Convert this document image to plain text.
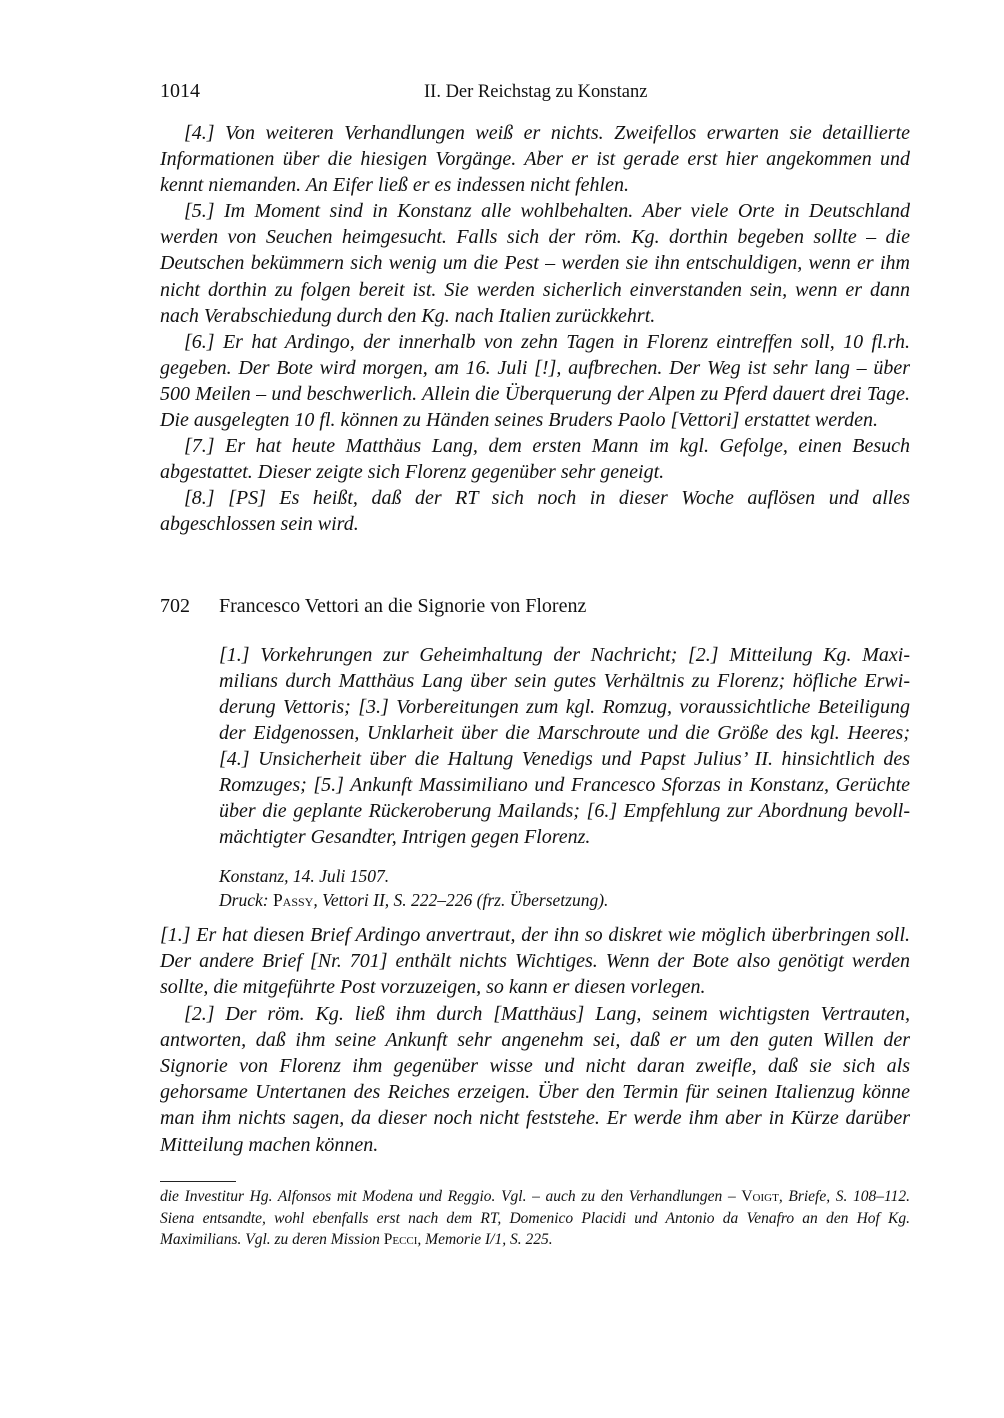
1014	II. Der Reichstag zu Konstanz

[4.] Von weiteren Verhandlungen weiß er nichts. Zweifellos erwarten sie detaillierte Informationen über die hiesigen Vorgänge. Aber er ist gerade erst hier angekommen und kennt niemanden. An Eifer ließ er es indessen nicht fehlen.

[5.] Im Moment sind in Konstanz alle wohlbehalten. Aber viele Orte in Deutschland werden von Seuchen heimgesucht. Falls sich der röm. Kg. dorthin begeben sollte – die Deutschen bekümmern sich wenig um die Pest – werden sie ihn entschuldigen, wenn er ihm nicht dorthin zu folgen bereit ist. Sie werden sicherlich einverstanden sein, wenn er dann nach Verabschiedung durch den Kg. nach Italien zurückkehrt.

[6.] Er hat Ardingo, der innerhalb von zehn Tagen in Florenz eintreffen soll, 10 fl.rh. gegeben. Der Bote wird morgen, am 16. Juli [!], aufbrechen. Der Weg ist sehr lang – über 500 Meilen – und beschwerlich. Allein die Überquerung der Alpen zu Pferd dauert drei Tage. Die ausgelegten 10 fl. können zu Händen seines Bruders Paolo [Vettori] erstattet werden.

[7.] Er hat heute Matthäus Lang, dem ersten Mann im kgl. Gefolge, einen Besuch abgestattet. Dieser zeigte sich Florenz gegenüber sehr geneigt.

[8.] [PS] Es heißt, daß der RT sich noch in dieser Woche auflösen und alles abgeschlossen sein wird.

702 Francesco Vettori an die Signorie von Florenz

[1.] Vorkehrungen zur Geheimhaltung der Nachricht; [2.] Mitteilung Kg. Maximilians durch Matthäus Lang über sein gutes Verhältnis zu Florenz; höfliche Erwiderung Vettoris; [3.] Vorbereitungen zum kgl. Romzug, voraussichtliche Beteiligung der Eidgenossen, Unklarheit über die Marschroute und die Größe des kgl. Heeres; [4.] Unsicherheit über die Haltung Venedigs und Papst Julius’ II. hinsichtlich des Romzuges; [5.] Ankunft Massimiliano und Francesco Sforzas in Konstanz, Gerüchte über die geplante Rückeroberung Mailands; [6.] Empfehlung zur Abordnung bevollmächtigter Gesandter, Intrigen gegen Florenz.

Konstanz, 14. Juli 1507.
Druck: Passy, Vettori II, S. 222–226 (frz. Übersetzung).

[1.] Er hat diesen Brief Ardingo anvertraut, der ihn so diskret wie möglich überbringen soll. Der andere Brief [Nr. 701] enthält nichts Wichtiges. Wenn der Bote also genötigt werden sollte, die mitgeführte Post vorzuzeigen, so kann er diesen vorlegen.

[2.] Der röm. Kg. ließ ihm durch [Matthäus] Lang, seinem wichtigsten Vertrauten, antworten, daß ihm seine Ankunft sehr angenehm sei, daß er um den guten Willen der Signorie von Florenz ihm gegenüber wisse und nicht daran zweifle, daß sie sich als gehorsame Untertanen des Reiches erzeigen. Über den Termin für seinen Italienzug könne man ihm nichts sagen, da dieser noch nicht feststehe. Er werde ihm aber in Kürze darüber Mitteilung machen können.

die Investitur Hg. Alfonsos mit Modena und Reggio. Vgl. – auch zu den Verhandlungen – Voigt, Briefe, S. 108–112. Siena entsandte, wohl ebenfalls erst nach dem RT, Domenico Placidi und Antonio da Venafro an den Hof Kg. Maximilians. Vgl. zu deren Mission Pecci, Memorie I/1, S. 225.
